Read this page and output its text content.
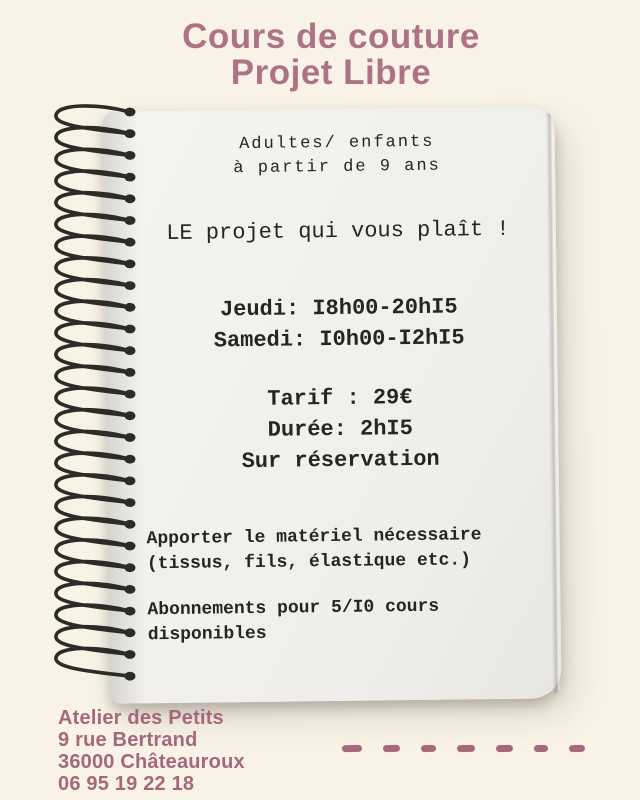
Cours de couture
Projet Libre
Adultes/ enfants
à partir de 9 ans
LE projet qui vous plaît !
Jeudi: I8h00-20hI5
Samedi: I0h00-I2hI5
Tarif : 29€
Durée: 2hI5
Sur réservation
Apporter le matériel nécessaire
(tissus, fils, élastique etc.)
Abonnements pour 5/I0 cours
disponibles
Atelier des Petits
9 rue Bertrand
36000 Châteauroux
06 95 19 22 18
